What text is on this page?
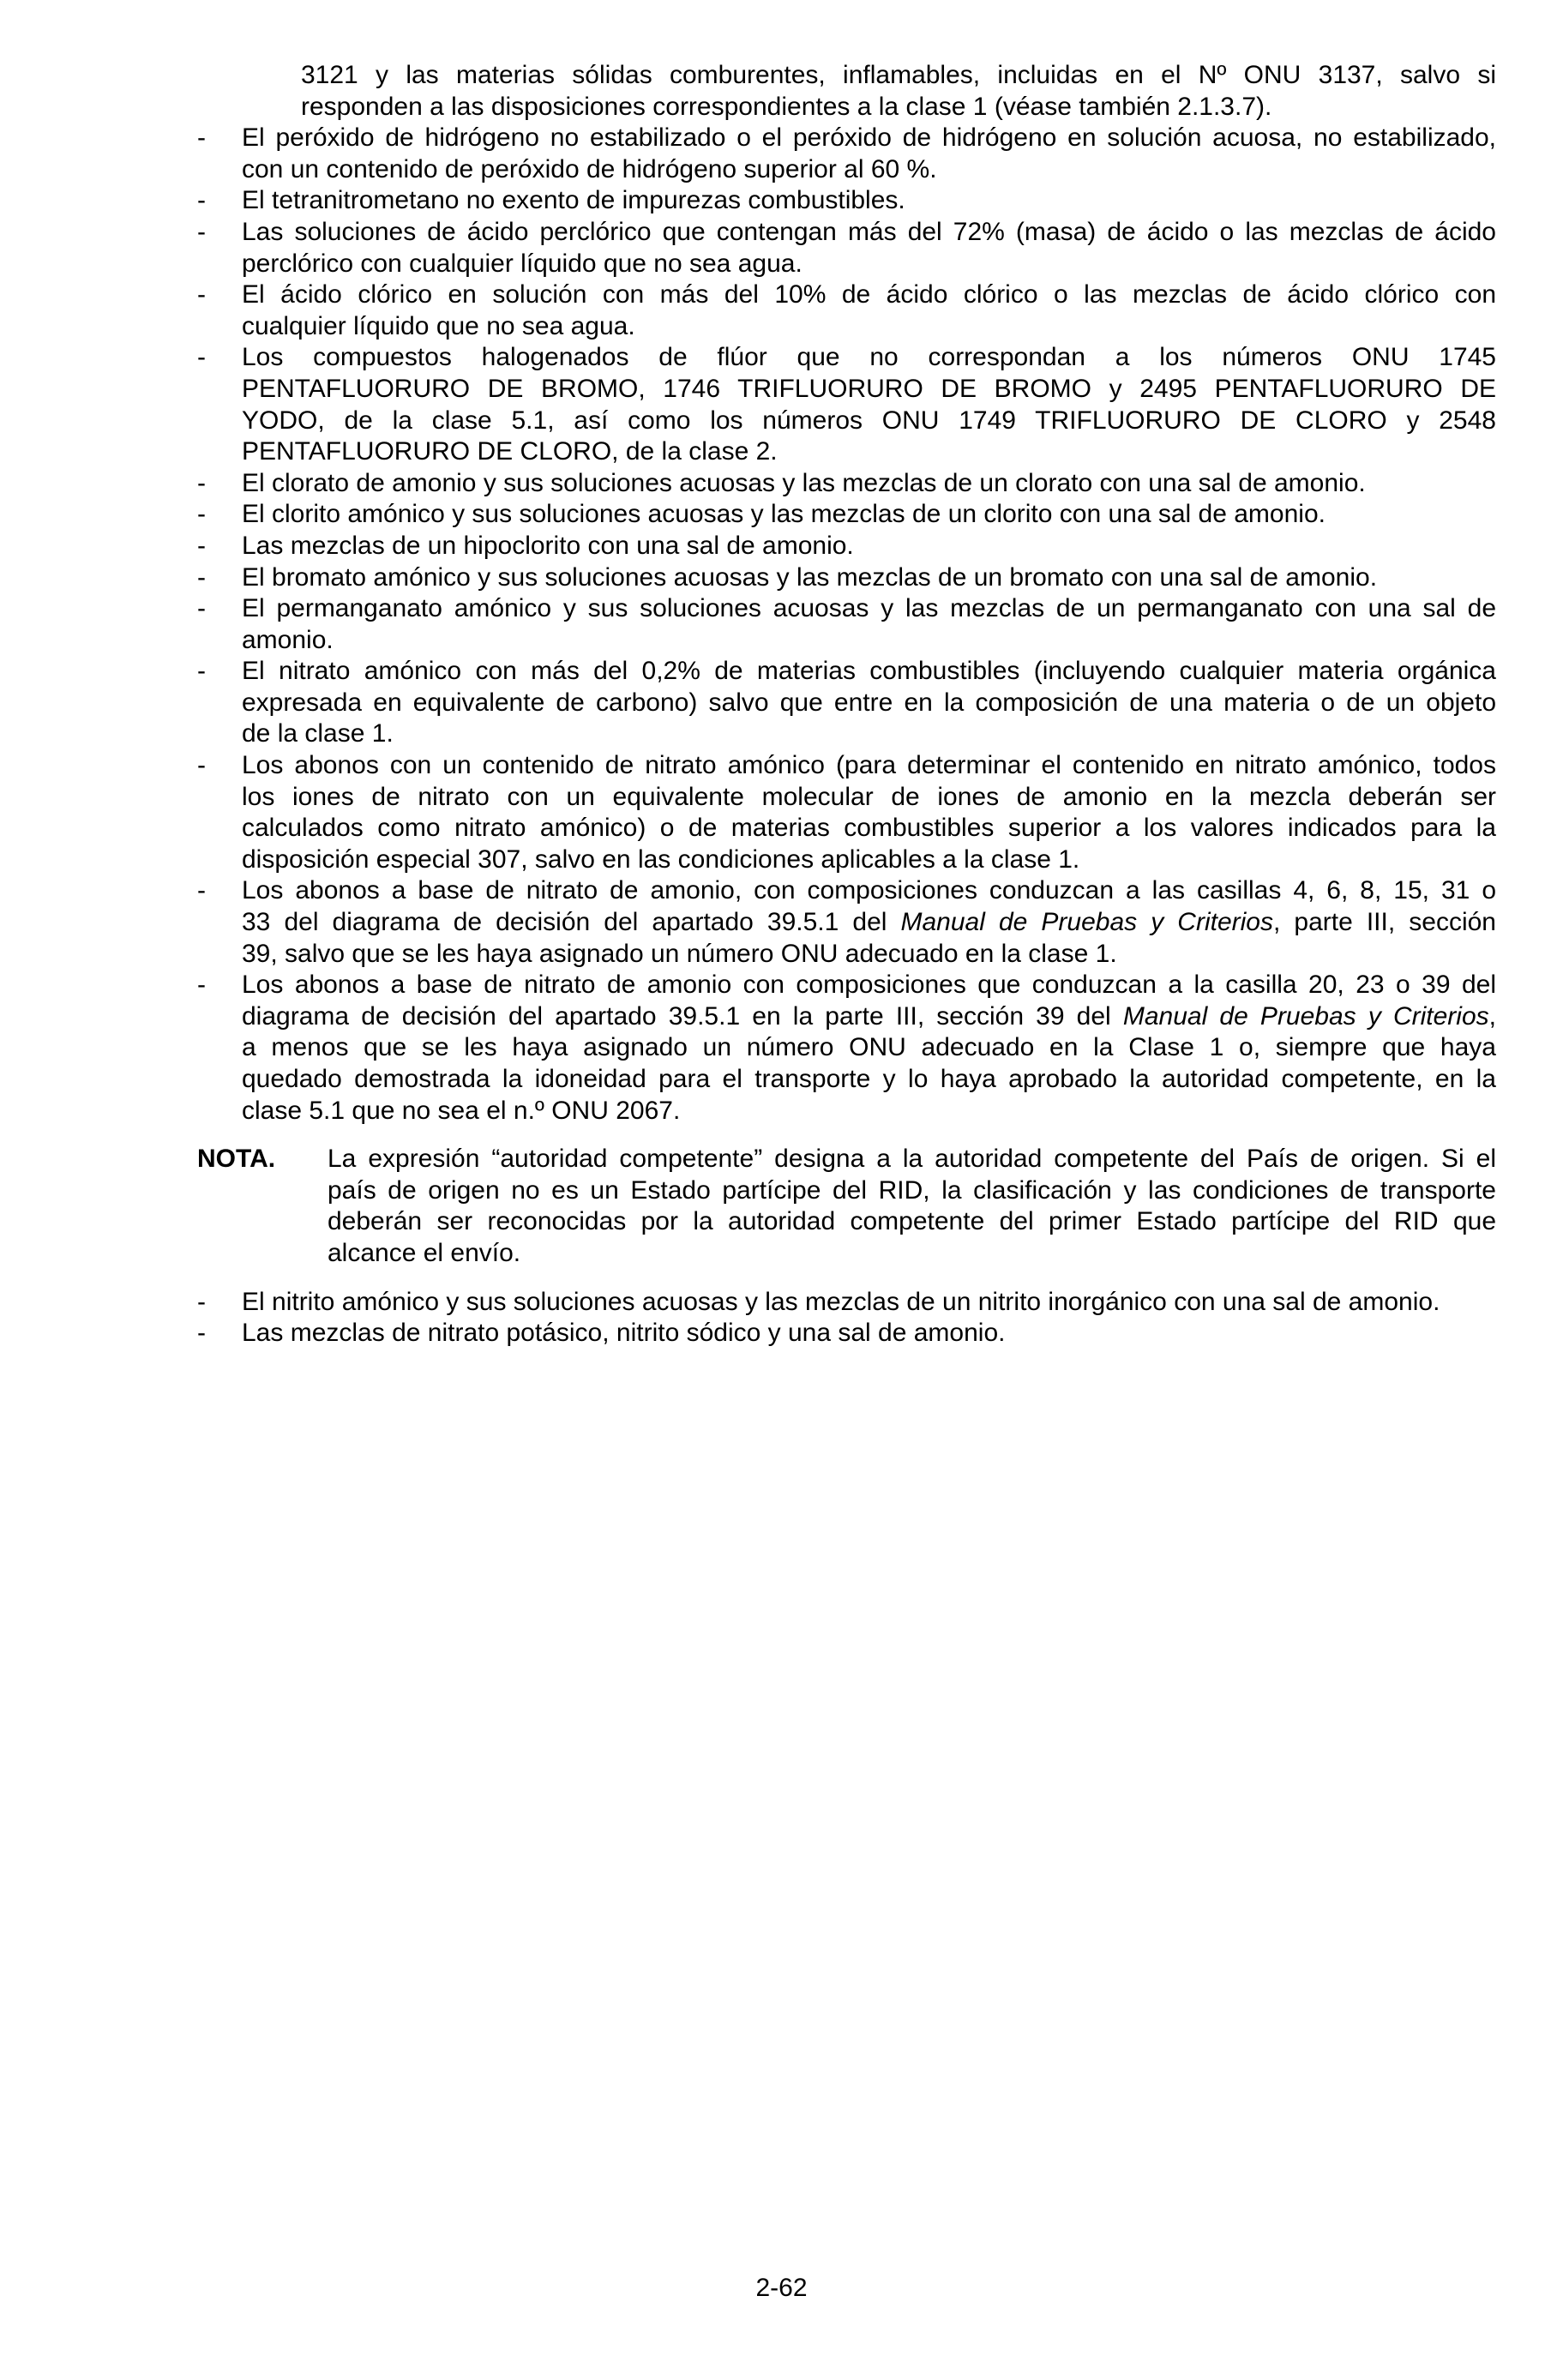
3121 y las materias sólidas comburentes, inflamables, incluidas en el Nº ONU 3137, salvo si
responden a las disposiciones correspondientes a la clase 1 (véase también 2.1.3.7).
- El peróxido de hidrógeno no estabilizado o el peróxido de hidrógeno en solución acuosa, no estabilizado,
con un contenido de peróxido de hidrógeno superior al 60 %.
- El tetranitrometano no exento de impurezas combustibles.
- Las soluciones de ácido perclórico que contengan más del 72% (masa) de ácido o las mezclas de ácido
perclórico con cualquier líquido que no sea agua.
- El ácido clórico en solución con más del 10% de ácido clórico o las mezclas de ácido clórico con
cualquier líquido que no sea agua.
- Los compuestos halogenados de flúor que no correspondan a los números ONU 1745
PENTAFLUORURO DE BROMO, 1746 TRIFLUORURO DE BROMO y 2495 PENTAFLUORURO DE
YODO, de la clase 5.1, así como los números ONU 1749 TRIFLUORURO DE CLORO y 2548
PENTAFLUORURO DE CLORO, de la clase 2.
- El clorato de amonio y sus soluciones acuosas y las mezclas de un clorato con una sal de amonio.
- El clorito amónico y sus soluciones acuosas y las mezclas de un clorito con una sal de amonio.
- Las mezclas de un hipoclorito con una sal de amonio.
- El bromato amónico y sus soluciones acuosas y las mezclas de un bromato con una sal de amonio.
- El permanganato amónico y sus soluciones acuosas y las mezclas de un permanganato con una sal de
amonio.
- El nitrato amónico con más del 0,2% de materias combustibles (incluyendo cualquier materia orgánica
expresada en equivalente de carbono) salvo que entre en la composición de una materia o de un objeto
de la clase 1.
- Los abonos con un contenido de nitrato amónico (para determinar el contenido en nitrato amónico, todos
los iones de nitrato con un equivalente molecular de iones de amonio en la mezcla deberán ser
calculados como nitrato amónico) o de materias combustibles superior a los valores indicados para la
disposición especial 307, salvo en las condiciones aplicables a la clase 1.
- Los abonos a base de nitrato de amonio, con composiciones conduzcan a las casillas 4, 6, 8, 15, 31 o
33 del diagrama de decisión del apartado 39.5.1 del Manual de Pruebas y Criterios, parte III, sección
39, salvo que se les haya asignado un número ONU adecuado en la clase 1.
- Los abonos a base de nitrato de amonio con composiciones que conduzcan a la casilla 20, 23 o 39 del
diagrama de decisión del apartado 39.5.1 en la parte III, sección 39 del Manual de Pruebas y Criterios,
a menos que se les haya asignado un número ONU adecuado en la Clase 1 o, siempre que haya
quedado demostrada la idoneidad para el transporte y lo haya aprobado la autoridad competente, en la
clase 5.1 que no sea el n.º ONU 2067.
NOTA.	La expresión “autoridad competente” designa a la autoridad competente del País de origen. Si el
país de origen no es un Estado partícipe del RID, la clasificación y las condiciones de transporte
deberán ser reconocidas por la autoridad competente del primer Estado partícipe del RID que
alcance el envío.
- El nitrito amónico y sus soluciones acuosas y las mezclas de un nitrito inorgánico con una sal de amonio.
- Las mezclas de nitrato potásico, nitrito sódico y una sal de amonio.
2-62
